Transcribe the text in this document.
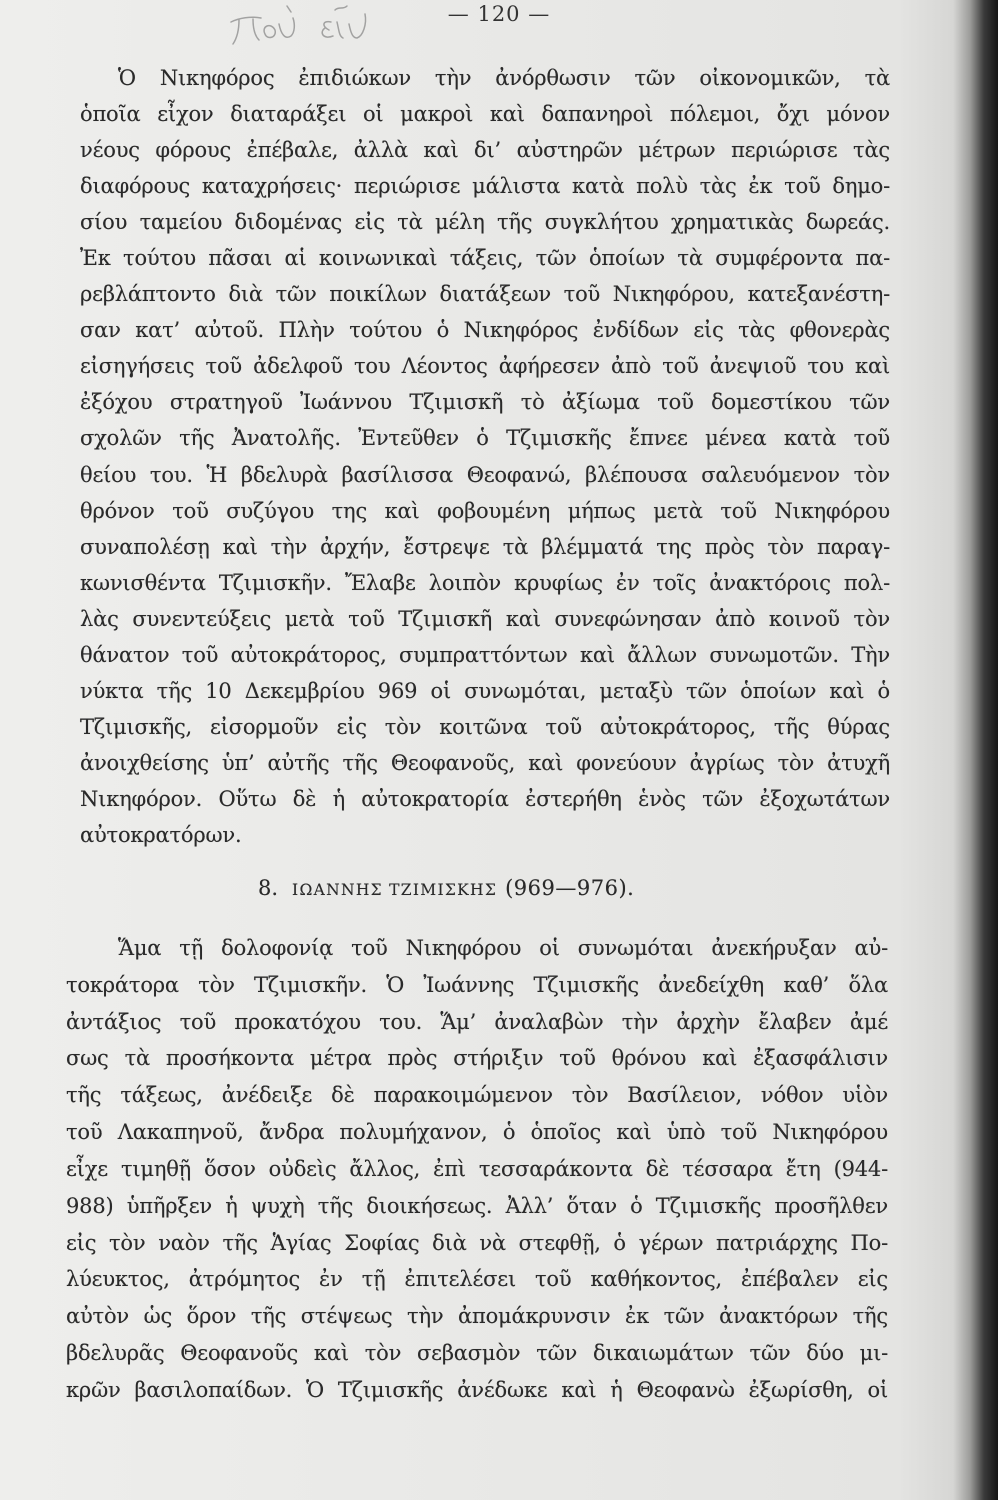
— 120 —
Ὁ Νικηφόρος ἐπιδιώκων τὴν ἀνόρθωσιν τῶν οἰκονομικῶν, τὰ
ὁποῖα εἶχον διαταράξει οἱ μακροὶ καὶ δαπανηροὶ πόλεμοι, ὄχι μόνον
νέους φόρους ἐπέβαλε, ἀλλὰ καὶ δι’ αὐστηρῶν μέτρων περιώρισε τὰς
διαφόρους καταχρήσεις· περιώρισε μάλιστα κατὰ πολὺ τὰς ἐκ τοῦ δημο-
σίου ταμείου διδομένας εἰς τὰ μέλη τῆς συγκλήτου χρηματικὰς δωρεάς.
Ἐκ τούτου πᾶσαι αἱ κοινωνικαὶ τάξεις, τῶν ὁποίων τὰ συμφέροντα πα-
ρεβλάπτοντο διὰ τῶν ποικίλων διατάξεων τοῦ Νικηφόρου, κατεξανέστη-
σαν κατ’ αὐτοῦ. Πλὴν τούτου ὁ Νικηφόρος ἐνδίδων εἰς τὰς φθονερὰς
εἰσηγήσεις τοῦ ἀδελφοῦ του Λέοντος ἀφήρεσεν ἀπὸ τοῦ ἀνεψιοῦ του καὶ
ἐξόχου στρατηγοῦ Ἰωάννου Τζιμισκῆ τὸ ἀξίωμα τοῦ δομεστίκου τῶν
σχολῶν τῆς Ἀνατολῆς. Ἐντεῦθεν ὁ Τζιμισκῆς ἔπνεε μένεα κατὰ τοῦ
θείου του. Ἡ βδελυρὰ βασίλισσα Θεοφανώ, βλέπουσα σαλευόμενον τὸν
θρόνον τοῦ συζύγου της καὶ φοβουμένη μήπως μετὰ τοῦ Νικηφόρου
συναπολέσῃ καὶ τὴν ἀρχήν, ἔστρεψε τὰ βλέμματά της πρὸς τὸν παραγ-
κωνισθέντα Τζιμισκῆν. Ἔλαβε λοιπὸν κρυφίως ἐν τοῖς ἀνακτόροις πολ-
λὰς συνεντεύξεις μετὰ τοῦ Τζιμισκῆ καὶ συνεφώνησαν ἀπὸ κοινοῦ τὸν
θάνατον τοῦ αὐτοκράτορος, συμπραττόντων καὶ ἄλλων συνωμοτῶν. Τὴν
νύκτα τῆς 10 Δεκεμβρίου 969 οἱ συνωμόται, μεταξὺ τῶν ὁποίων καὶ ὁ
Τζιμισκῆς, εἰσορμοῦν εἰς τὸν κοιτῶνα τοῦ αὐτοκράτορος, τῆς θύρας
ἀνοιχθείσης ὑπ’ αὐτῆς τῆς Θεοφανοῦς, καὶ φονεύουν ἀγρίως τὸν ἀτυχῆ
Νικηφόρον. Οὕτω δὲ ἡ αὐτοκρατορία ἐστερήθη ἑνὸς τῶν ἐξοχωτάτων
αὐτοκρατόρων.
8. ΙΩΑΝΝΗΣ ΤΖΙΜΙΣΚΗΣ (969—976).
Ἅμα τῇ δολοφονίᾳ τοῦ Νικηφόρου οἱ συνωμόται ἀνεκήρυξαν αὐ-
τοκράτορα τὸν Τζιμισκῆν. Ὁ Ἰωάννης Τζιμισκῆς ἀνεδείχθη καθ’ ὅλα
ἀντάξιος τοῦ προκατόχου του. Ἅμ’ ἀναλαβὼν τὴν ἀρχὴν ἔλαβεν ἀμέ
σως τὰ προσήκοντα μέτρα πρὸς στήριξιν τοῦ θρόνου καὶ ἐξασφάλισιν
τῆς τάξεως, ἀνέδειξε δὲ παρακοιμώμενον τὸν Βασίλειον, νόθον υἱὸν
τοῦ Λακαπηνοῦ, ἄνδρα πολυμήχανον, ὁ ὁποῖος καὶ ὑπὸ τοῦ Νικηφόρου
εἶχε τιμηθῇ ὅσον οὐδεὶς ἄλλος, ἐπὶ τεσσαράκοντα δὲ τέσσαρα ἔτη (944-
988) ὑπῆρξεν ἡ ψυχὴ τῆς διοικήσεως. Ἀλλ’ ὅταν ὁ Τζιμισκῆς προσῆλθεν
εἰς τὸν ναὸν τῆς Ἁγίας Σοφίας διὰ νὰ στεφθῇ, ὁ γέρων πατριάρχης Πο-
λύευκτος, ἀτρόμητος ἐν τῇ ἐπιτελέσει τοῦ καθήκοντος, ἐπέβαλεν εἰς
αὐτὸν ὡς ὅρον τῆς στέψεως τὴν ἀπομάκρυνσιν ἐκ τῶν ἀνακτόρων τῆς
βδελυρᾶς Θεοφανοῦς καὶ τὸν σεβασμὸν τῶν δικαιωμάτων τῶν δύο μι-
κρῶν βασιλοπαίδων. Ὁ Τζιμισκῆς ἀνέδωκε καὶ ἡ Θεοφανὼ ἐξωρίσθη, οἱ
